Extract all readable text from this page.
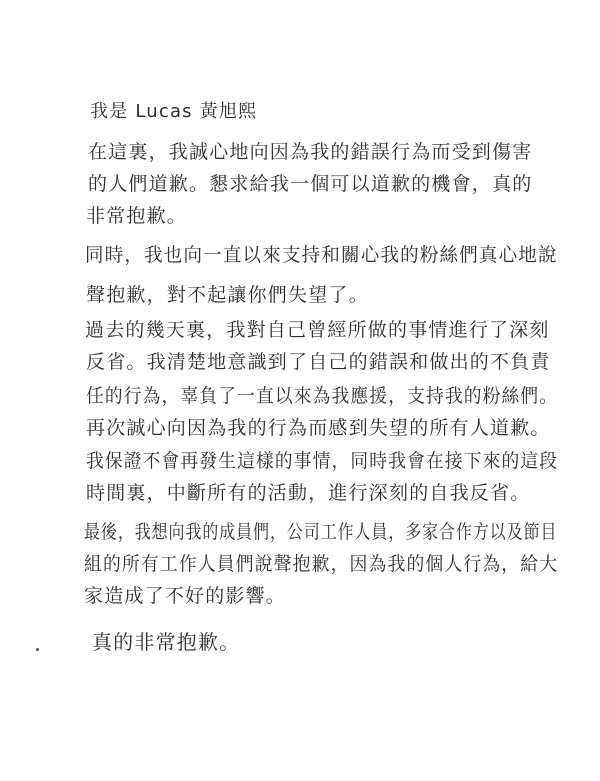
我是 Lucas 黃旭熙
在這裏，我誠心地向因為我的錯誤行為而受到傷害
的人們道歉。懇求給我一個可以道歉的機會，真的
非常抱歉。
同時，我也向一直以來支持和關心我的粉絲們真心地說
聲抱歉，對不起讓你們失望了。
過去的幾天裏，我對自己曾經所做的事情進行了深刻
反省。我清楚地意識到了自己的錯誤和做出的不負責
任的行為，辜負了一直以來為我應援，支持我的粉絲們。
再次誠心向因為我的行為而感到失望的所有人道歉。
我保證不會再發生這樣的事情，同時我會在接下來的這段
時間裏，中斷所有的活動，進行深刻的自我反省。
最後，我想向我的成員們，公司工作人員，多家合作方以及節目
組的所有工作人員們說聲抱歉，因為我的個人行為，給大
家造成了不好的影響。
真的非常抱歉。
